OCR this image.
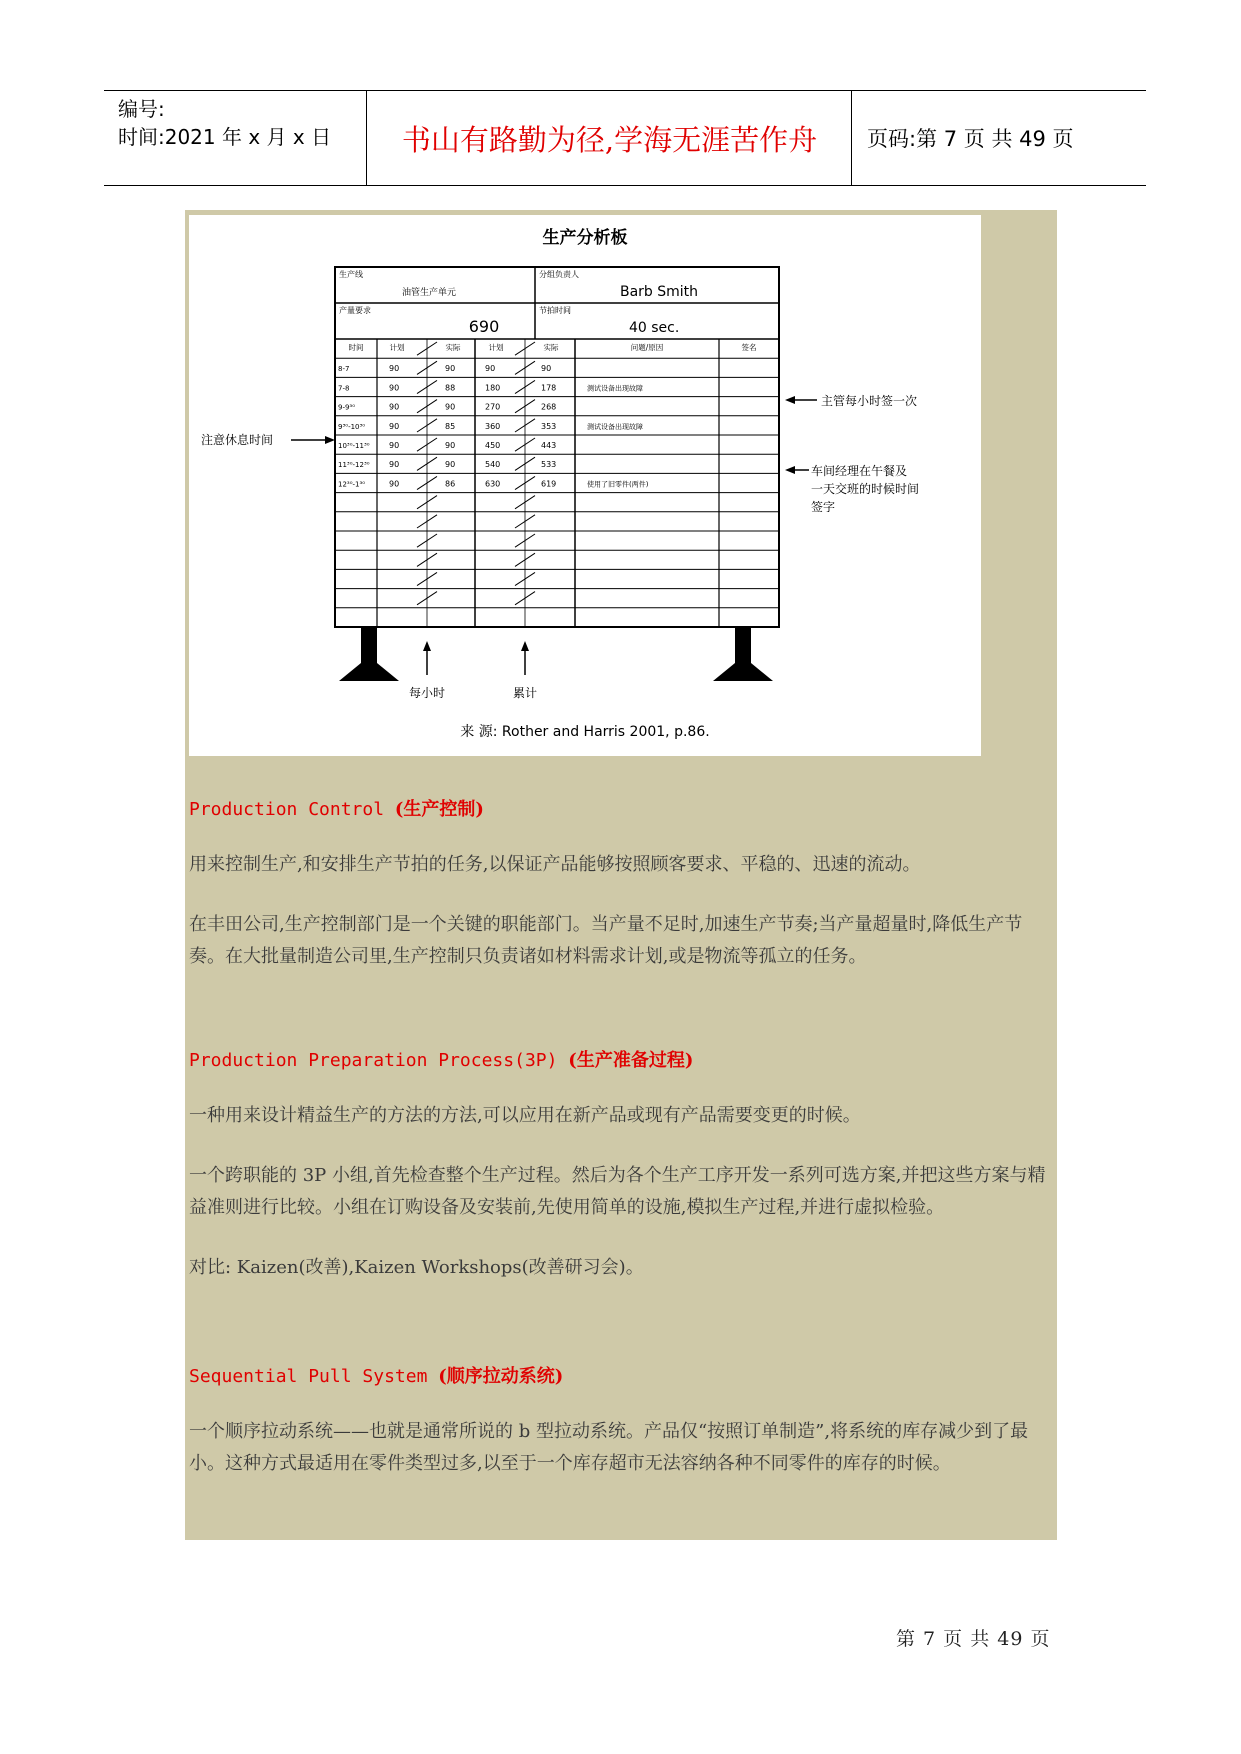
编号:
时间:2021 年 x 月 x 日 书山有路勤为径,学海无涯苦作舟 页码:第 7 页 共 49 页
生产分析板
生产线
油管生产单元
分组负责人
Barb Smith
产量要求
690
节拍时间
40 sec.
时间	计划	实际	计划	实际	问题/原因	签名
8-7	90	90	90	90
7-8	90	88	180	178	测试设备出现故障
9-9³⁰	90	90	270	268
9³⁰-10³⁰	90	85	360	353	测试设备出现故障
10³⁰-11³⁰ 90	90	450	443
11³⁰-12³⁰ 90	90	540	533
12³⁰-1³⁰	90	86	630	619	使用了旧零件(两件)
每小时	累计
注意休息时间
主管每小时签一次
车间经理在午餐及
一天交班的时候时间
签字
来 源: Rother and Harris 2001, p.86.
Production Control (生产控制)

用来控制生产,和安排生产节拍的任务,以保证产品能够按照顾客要求、平稳的、迅速的流动。

在丰田公司,生产控制部门是一个关键的职能部门。当产量不足时,加速生产节奏;当产量超量时,降低生产节奏。在大批量制造公司里,生产控制只负责诸如材料需求计划,或是物流等孤立的任务。

Production Preparation Process(3P) (生产准备过程)

一种用来设计精益生产的方法的方法,可以应用在新产品或现有产品需要变更的时候。

一个跨职能的 3P 小组,首先检查整个生产过程。然后为各个生产工序开发一系列可选方案,并把这些方案与精益准则进行比较。小组在订购设备及安装前,先使用简单的设施,模拟生产过程,并进行虚拟检验。

对比: Kaizen(改善),Kaizen Workshops(改善研习会)。

Sequential Pull System (顺序拉动系统)

一个顺序拉动系统——也就是通常所说的 b 型拉动系统。产品仅“按照订单制造”,将系统的库存减少到了最小。这种方式最适用在零件类型过多,以至于一个库存超市无法容纳各种不同零件的库存的时候。

第 7 页 共 49 页
